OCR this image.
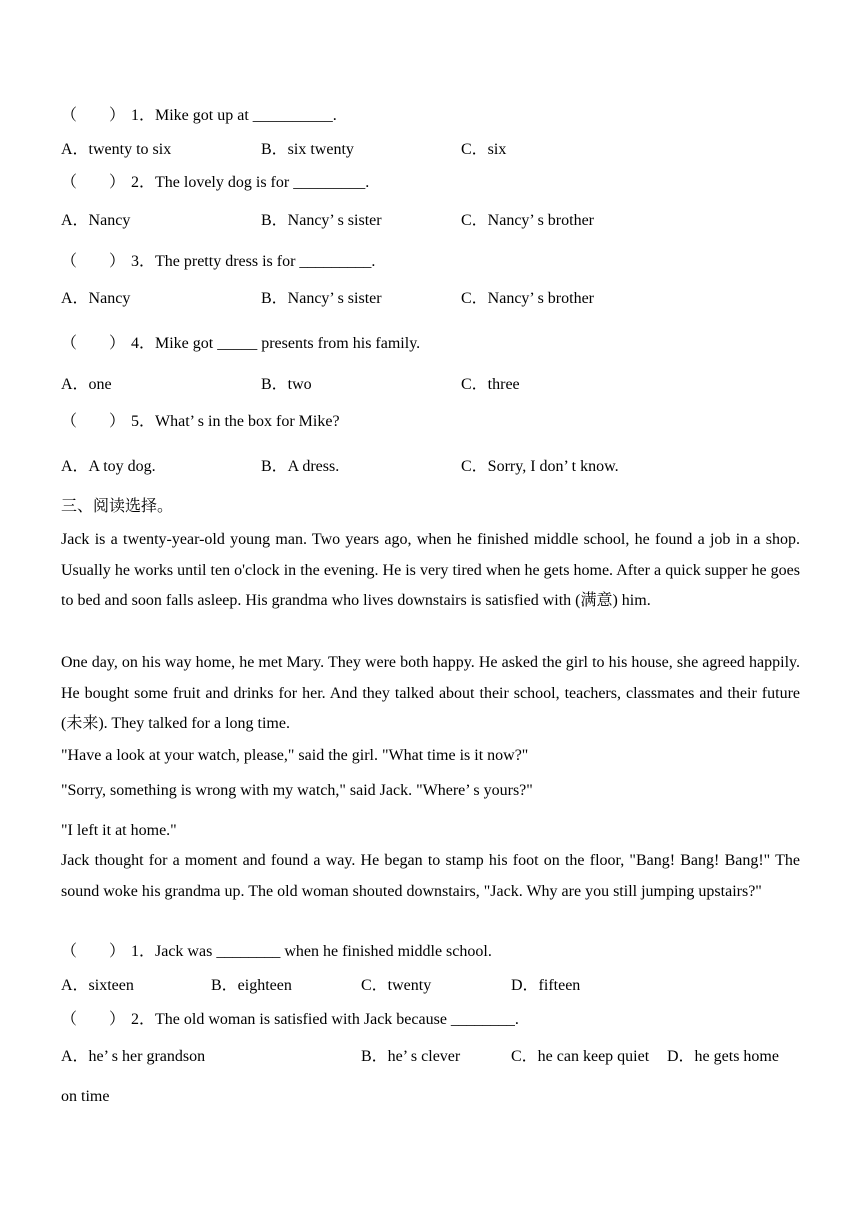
（　　） 1．Mike got up at __________.
A．twenty to six	B．six twenty	C．six
（　　） 2．The lovely dog is for _________.
A．Nancy	B．Nancy’ s sister	C．Nancy’ s brother
（　　） 3．The pretty dress is for _________.
A．Nancy	B．Nancy’ s sister	C．Nancy’ s brother
（　　） 4．Mike got _____ presents from his family.
A．one	B．two	C．three
（　　） 5．What’ s in the box for Mike?
A．A toy dog.	B．A dress.	C．Sorry, I don’ t know.
三、阅读选择。

Jack is a twenty-year-old young man. Two years ago, when he finished middle school, he found a job in a shop. Usually he works until ten o'clock in the evening. He is very tired when he gets home. After a quick supper he goes to bed and soon falls asleep. His grandma who lives downstairs is satisfied with (满意) him.

One day, on his way home, he met Mary. They were both happy. He asked the girl to his house, she agreed happily. He bought some fruit and drinks for her. And they talked about their school, teachers, classmates and their future (未来). They talked for a long time.

"Have a look at your watch, please," said the girl. "What time is it now?"

"Sorry, something is wrong with my watch," said Jack. "Where’ s yours?"

"I left it at home."

Jack thought for a moment and found a way. He began to stamp his foot on the floor, "Bang! Bang! Bang!" The sound woke his grandma up. The old woman shouted downstairs, "Jack. Why are you still jumping upstairs?"

（　　） 1．Jack was ________ when he finished middle school.
A．sixteen	B．eighteen	C．twenty	D．fifteen
（　　） 2．The old woman is satisfied with Jack because ________.
A．he’ s her grandson	B．he’ s clever	C．he can keep quiet D．he gets home
on time
